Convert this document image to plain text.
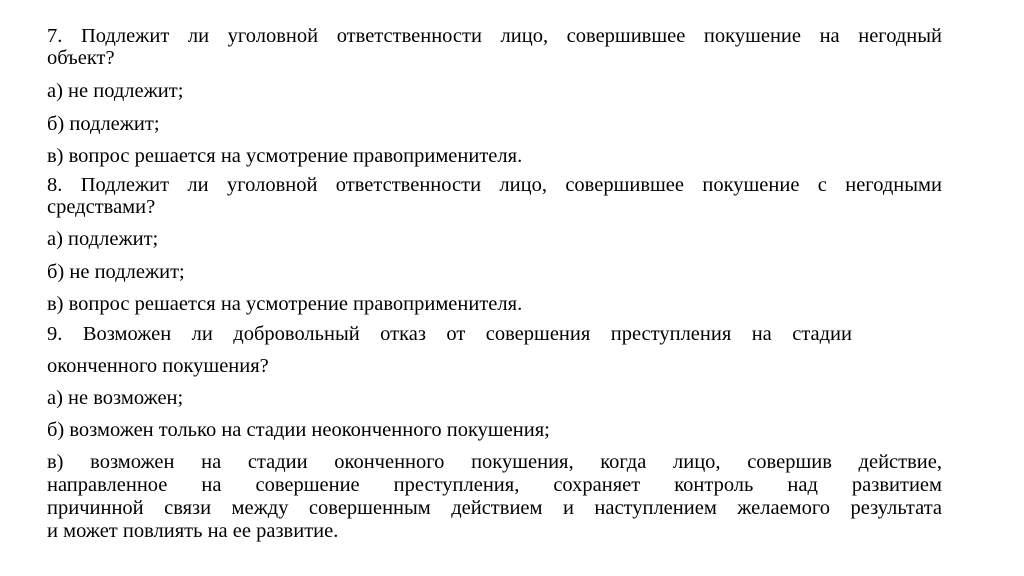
7. Подлежит ли уголовной ответственности лицо, совершившее покушение на негодный
объект?
а) не подлежит;
б) подлежит;
в) вопрос решается на усмотрение правоприменителя.
8. Подлежит ли уголовной ответственности лицо, совершившее покушение с негодными
средствами?
а) подлежит;
б) не подлежит;
в) вопрос решается на усмотрение правоприменителя.
9. Возможен ли добровольный отказ от совершения преступления на стадии
оконченного покушения?
а) не возможен;
б) возможен только на стадии неоконченного покушения;
в) возможен на стадии оконченного покушения, когда лицо, совершив действие,
направленное на совершение преступления, сохраняет контроль над развитием
причинной связи между совершенным действием и наступлением желаемого результата
и может повлиять на ее развитие.
